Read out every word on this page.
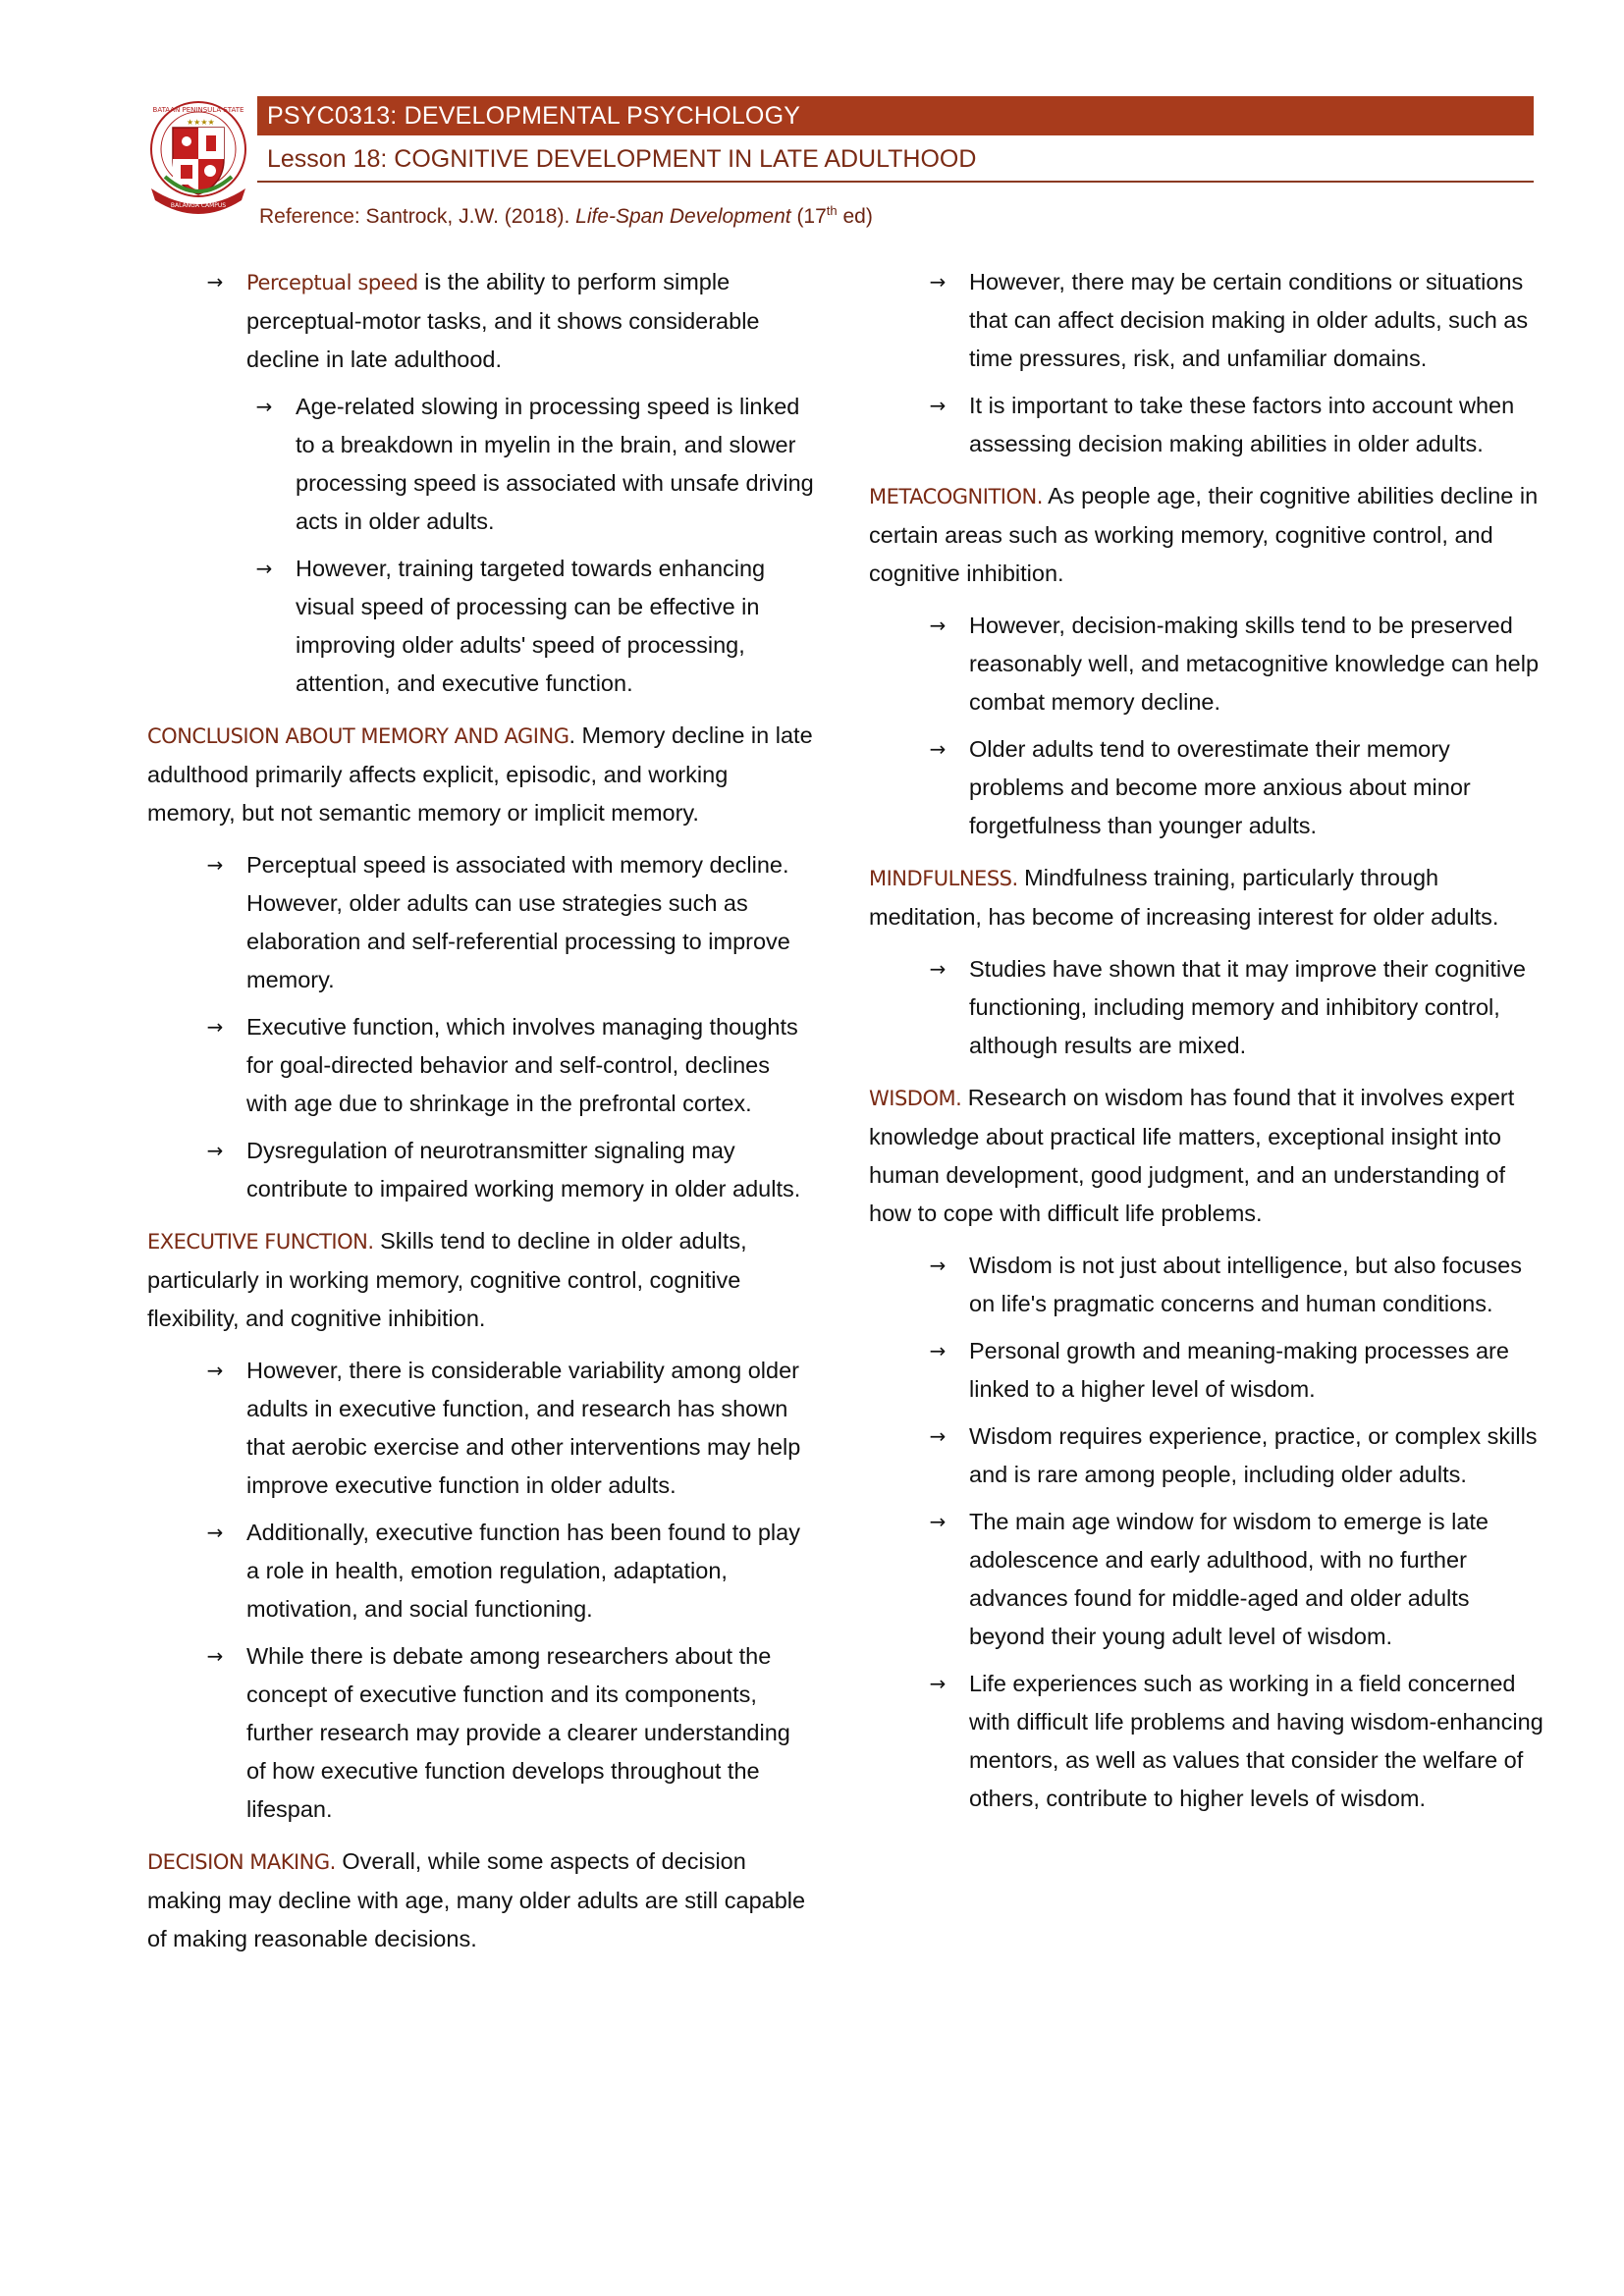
BATAAN PENINSULA STATE
★★★★
BALANGA CAMPUS
PSYC0313: DEVELOPMENTAL PSYCHOLOGY
Lesson 18: COGNITIVE DEVELOPMENT IN LATE ADULTHOOD
Reference: Santrock, J.W. (2018). Life-Span Development (17th ed)
→	Perceptual speed is the ability to perform simple perceptual-motor tasks, and it shows considerable decline in late adulthood.
→	Age-related slowing in processing speed is linked to a breakdown in myelin in the brain, and slower processing speed is associated with unsafe driving acts in older adults.
→	However, training targeted towards enhancing visual speed of processing can be effective in improving older adults' speed of processing, attention, and executive function.

CONCLUSION ABOUT MEMORY AND AGING. Memory decline in late adulthood primarily affects explicit, episodic, and working memory, but not semantic memory or implicit memory.

→	Perceptual speed is associated with memory decline. However, older adults can use strategies such as elaboration and self-referential processing to improve memory.
→	Executive function, which involves managing thoughts for goal-directed behavior and self-control, declines with age due to shrinkage in the prefrontal cortex.
→	Dysregulation of neurotransmitter signaling may contribute to impaired working memory in older adults.

EXECUTIVE FUNCTION. Skills tend to decline in older adults, particularly in working memory, cognitive control, cognitive flexibility, and cognitive inhibition.

→	However, there is considerable variability among older adults in executive function, and research has shown that aerobic exercise and other interventions may help improve executive function in older adults.
→	Additionally, executive function has been found to play a role in health, emotion regulation, adaptation, motivation, and social functioning.
→	While there is debate among researchers about the concept of executive function and its components, further research may provide a clearer understanding of how executive function develops throughout the lifespan.

DECISION MAKING. Overall, while some aspects of decision making may decline with age, many older adults are still capable of making reasonable decisions.

→	However, there may be certain conditions or situations that can affect decision making in older adults, such as time pressures, risk, and unfamiliar domains.
→	It is important to take these factors into account when assessing decision making abilities in older adults.

METACOGNITION. As people age, their cognitive abilities decline in certain areas such as working memory, cognitive control, and cognitive inhibition.

→	However, decision-making skills tend to be preserved reasonably well, and metacognitive knowledge can help combat memory decline.
→	Older adults tend to overestimate their memory problems and become more anxious about minor forgetfulness than younger adults.

MINDFULNESS. Mindfulness training, particularly through meditation, has become of increasing interest for older adults.

→	Studies have shown that it may improve their cognitive functioning, including memory and inhibitory control, although results are mixed.

WISDOM. Research on wisdom has found that it involves expert knowledge about practical life matters, exceptional insight into human development, good judgment, and an understanding of how to cope with difficult life problems.

→	Wisdom is not just about intelligence, but also focuses on life's pragmatic concerns and human conditions.
→	Personal growth and meaning-making processes are linked to a higher level of wisdom.
→	Wisdom requires experience, practice, or complex skills and is rare among people, including older adults.
→	The main age window for wisdom to emerge is late adolescence and early adulthood, with no further advances found for middle-aged and older adults beyond their young adult level of wisdom.
→	Life experiences such as working in a field concerned with difficult life problems and having wisdom-enhancing mentors, as well as values that consider the welfare of others, contribute to higher levels of wisdom.
